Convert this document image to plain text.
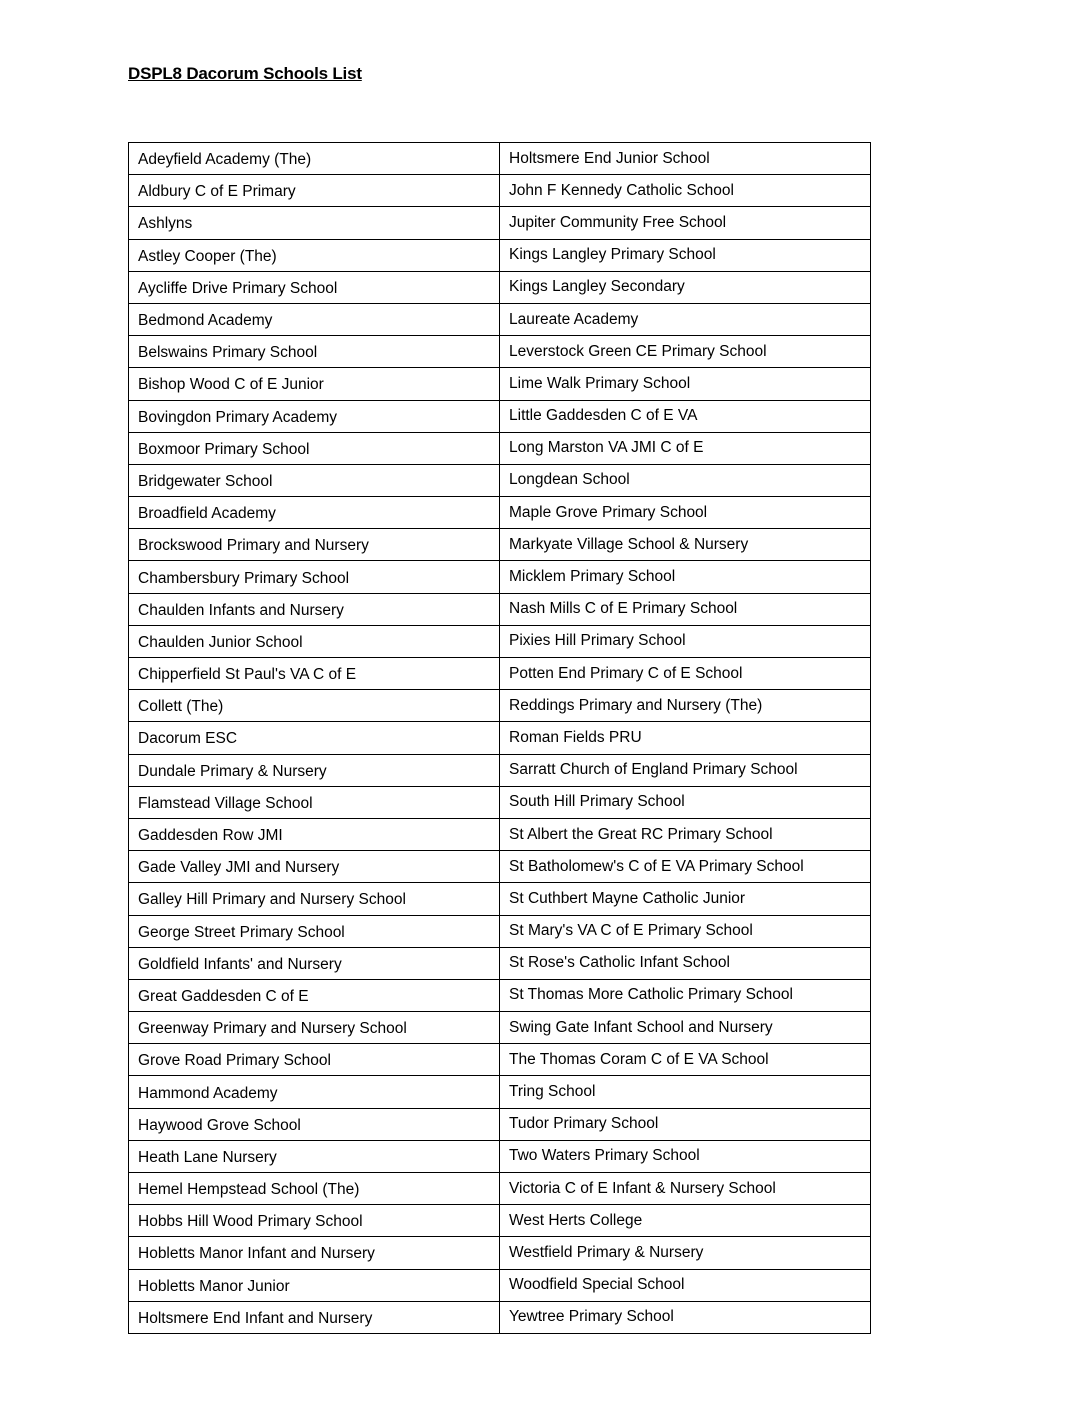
DSPL8 Dacorum Schools List
Adeyfield Academy (The)	Holtsmere End Junior School
Aldbury C of E Primary	John F Kennedy Catholic School
Ashlyns	Jupiter Community Free School
Astley Cooper (The)	Kings Langley Primary School
Aycliffe Drive Primary School	Kings Langley Secondary
Bedmond Academy	Laureate Academy
Belswains Primary School	Leverstock Green CE Primary School
Bishop Wood C of E Junior	Lime Walk Primary School
Bovingdon Primary Academy	Little Gaddesden C of E VA
Boxmoor Primary School	Long Marston VA JMI C of E
Bridgewater School	Longdean School
Broadfield Academy	Maple Grove Primary School
Brockswood Primary and Nursery	Markyate Village School & Nursery
Chambersbury Primary School	Micklem Primary School
Chaulden Infants and Nursery	Nash Mills C of E Primary School
Chaulden Junior School	Pixies Hill Primary School
Chipperfield St Paul's VA C of E	Potten End Primary C of E School
Collett (The)	Reddings Primary and Nursery (The)
Dacorum ESC	Roman Fields PRU
Dundale Primary & Nursery	Sarratt Church of England Primary School
Flamstead Village School	South Hill Primary School
Gaddesden Row JMI	St Albert the Great RC Primary School
Gade Valley JMI and Nursery	St Batholomew's C of E VA Primary School
Galley Hill Primary and Nursery School	St Cuthbert Mayne Catholic Junior
George Street Primary School	St Mary's VA C of E Primary School
Goldfield Infants' and Nursery	St Rose's Catholic Infant School
Great Gaddesden C of E	St Thomas More Catholic Primary School
Greenway Primary and Nursery School	Swing Gate Infant School and Nursery
Grove Road Primary School	The Thomas Coram C of E VA School
Hammond Academy	Tring School
Haywood Grove School	Tudor Primary School
Heath Lane Nursery	Two Waters Primary School
Hemel Hempstead School (The)	Victoria C of E Infant & Nursery School
Hobbs Hill Wood Primary School	West Herts College
Hobletts Manor Infant and Nursery	Westfield Primary & Nursery
Hobletts Manor Junior	Woodfield Special School
Holtsmere End Infant and Nursery	Yewtree Primary School
